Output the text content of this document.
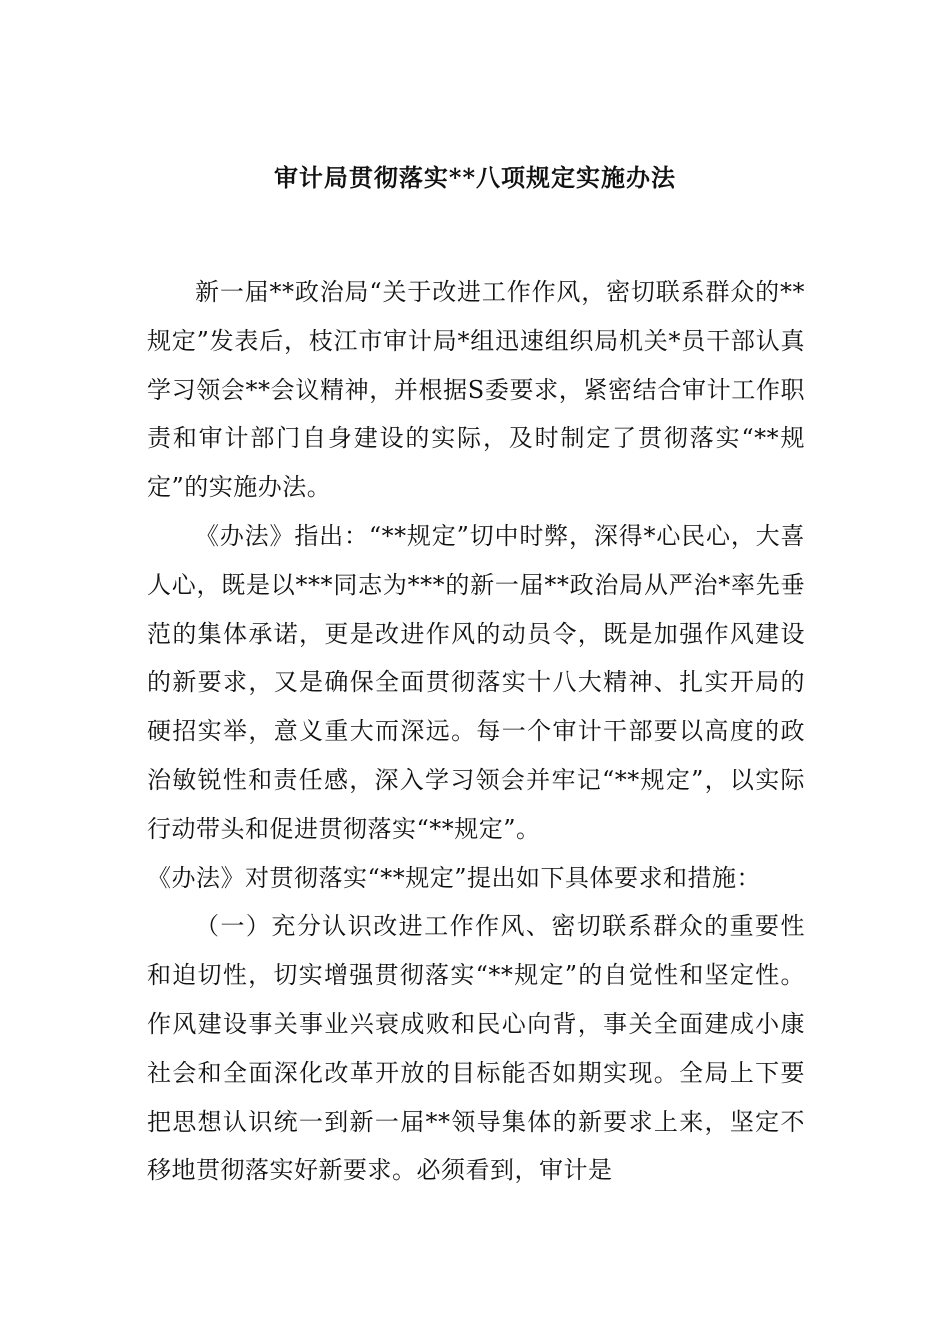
审计局贯彻落实**八项规定实施办法

新一届**政治局“关于改进工作作风，密切联系群众的**规定”发表后，枝江市审计局*组迅速组织局机关*员干部认真学习领会**会议精神，并根据S委要求，紧密结合审计工作职责和审计部门自身建设的实际，及时制定了贯彻落实“**规定”的实施办法。

《办法》指出：“**规定”切中时弊，深得*心民心，大喜人心，既是以***同志为***的新一届**政治局从严治*率先垂范的集体承诺，更是改进作风的动员令，既是加强作风建设的新要求，又是确保全面贯彻落实十八大精神、扎实开局的硬招实举，意义重大而深远。每一个审计干部要以高度的政治敏锐性和责任感，深入学习领会并牢记“**规定”，以实际行动带头和促进贯彻落实“**规定”。

《办法》对贯彻落实“**规定”提出如下具体要求和措施：

（一）充分认识改进工作作风、密切联系群众的重要性和迫切性，切实增强贯彻落实“**规定”的自觉性和坚定性。作风建设事关事业兴衰成败和民心向背，事关全面建成小康社会和全面深化改革开放的目标能否如期实现。全局上下要把思想认识统一到新一届**领导集体的新要求上来，坚定不移地贯彻落实好新要求。必须看到，审计是
